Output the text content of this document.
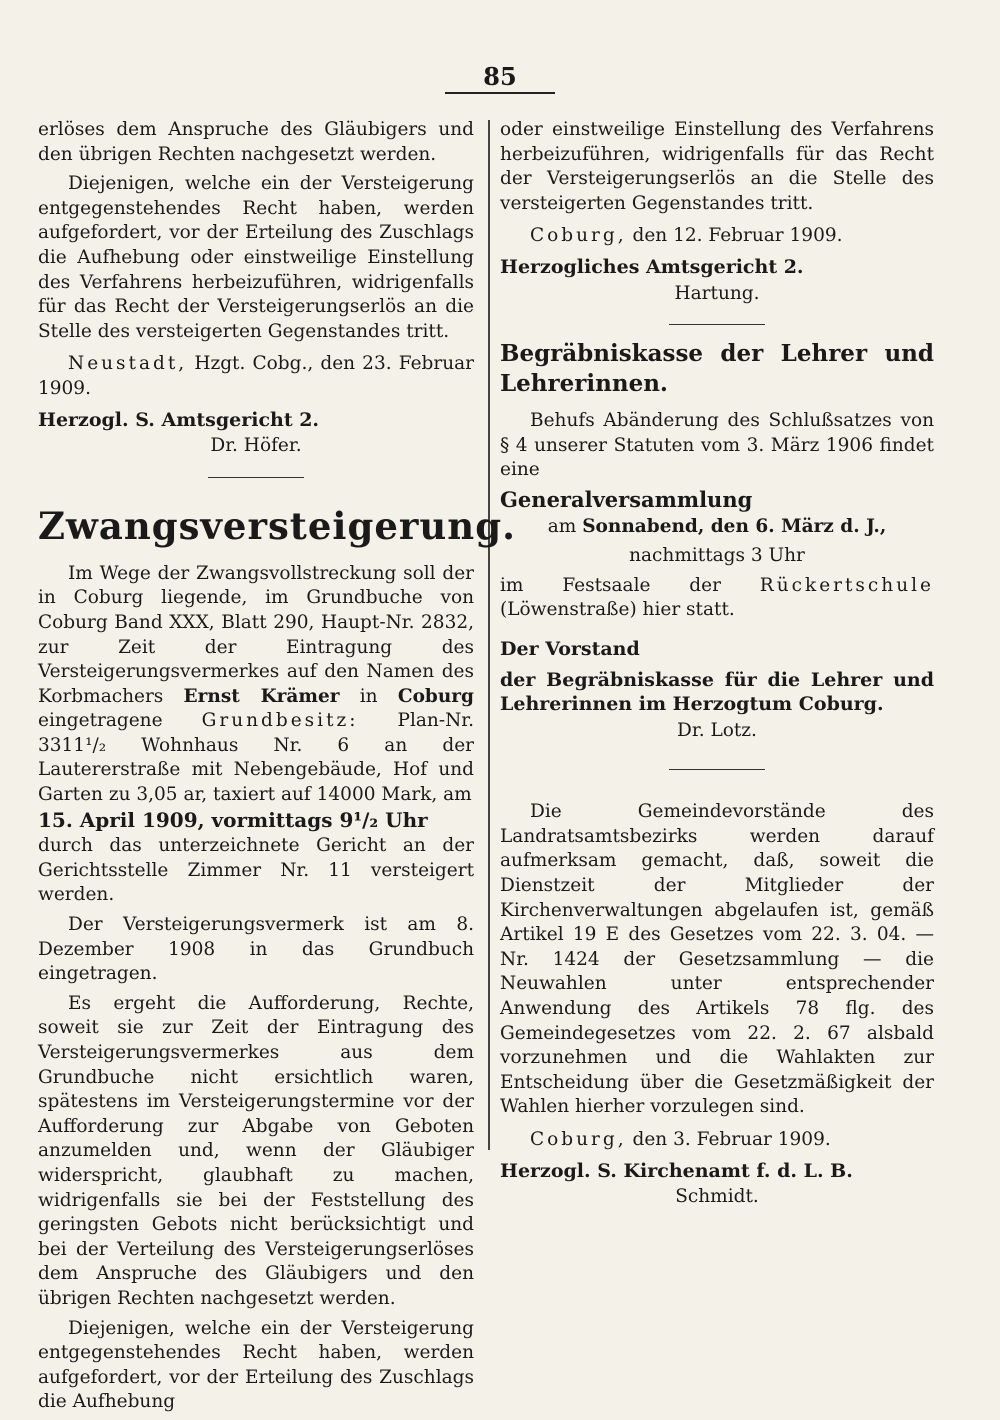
85

erlöses dem Anspruche des Gläubigers und den übrigen Rechten nachgesetzt werden.

Diejenigen, welche ein der Versteigerung entgegenstehendes Recht haben, werden aufgefordert, vor der Erteilung des Zuschlags die Aufhebung oder einstweilige Einstellung des Verfahrens herbeizuführen, widrigenfalls für das Recht der Versteigerungserlös an die Stelle des versteigerten Gegenstandes tritt.

Neustadt, Hzgt. Cobg., den 23. Februar 1909.

Herzogl. S. Amtsgericht 2.

Dr. Höfer.

Zwangsversteigerung.

Im Wege der Zwangsvollstreckung soll der in Coburg liegende, im Grundbuche von Coburg Band XXX, Blatt 290, Haupt-Nr. 2832, zur Zeit der Eintragung des Versteigerungsvermerkes auf den Namen des Korbmachers Ernst Krämer in Coburg eingetragene Grundbesitz: Plan-Nr. 3311¹/₂ Wohnhaus Nr. 6 an der Lautererstraße mit Nebengebäude, Hof und Garten zu 3,05 ar, taxiert auf 14000 Mark, am
15. April 1909, vormittags 9¹/₂ Uhr
durch das unterzeichnete Gericht an der Gerichtsstelle Zimmer Nr. 11 versteigert werden.

Der Versteigerungsvermerk ist am 8. Dezember 1908 in das Grundbuch eingetragen.

Es ergeht die Aufforderung, Rechte, soweit sie zur Zeit der Eintragung des Versteigerungsvermerkes aus dem Grundbuche nicht ersichtlich waren, spätestens im Versteigerungstermine vor der Aufforderung zur Abgabe von Geboten anzumelden und, wenn der Gläubiger widerspricht, glaubhaft zu machen, widrigenfalls sie bei der Feststellung des geringsten Gebots nicht berücksichtigt und bei der Verteilung des Versteigerungserlöses dem Anspruche des Gläubigers und den übrigen Rechten nachgesetzt werden.

Diejenigen, welche ein der Versteigerung entgegenstehendes Recht haben, werden aufgefordert, vor der Erteilung des Zuschlags die Aufhebung

oder einstweilige Einstellung des Verfahrens herbeizuführen, widrigenfalls für das Recht der Versteigerungserlös an die Stelle des versteigerten Gegenstandes tritt.

Coburg, den 12. Februar 1909.

Herzogliches Amtsgericht 2.

Hartung.

Begräbniskasse der Lehrer und Lehrerinnen.

Behufs Abänderung des Schlußsatzes von § 4 unserer Statuten vom 3. März 1906 findet eine

Generalversammlung

am Sonnabend, den 6. März d. J.,

nachmittags 3 Uhr

im Festsaale der Rückertschule (Löwenstraße) hier statt.

Der Vorstand

der Begräbniskasse für die Lehrer und Lehrerinnen im Herzogtum Coburg.

Dr. Lotz.

Die Gemeindevorstände des Landratsamtsbezirks werden darauf aufmerksam gemacht, daß, soweit die Dienstzeit der Mitglieder der Kirchenverwaltungen abgelaufen ist, gemäß Artikel 19 E des Gesetzes vom 22. 3. 04. — Nr. 1424 der Gesetzsammlung — die Neuwahlen unter entsprechender Anwendung des Artikels 78 flg. des Gemeindegesetzes vom 22. 2. 67 alsbald vorzunehmen und die Wahlakten zur Entscheidung über die Gesetzmäßigkeit der Wahlen hierher vorzulegen sind.

Coburg, den 3. Februar 1909.

Herzogl. S. Kirchenamt f. d. L. B.

Schmidt.
